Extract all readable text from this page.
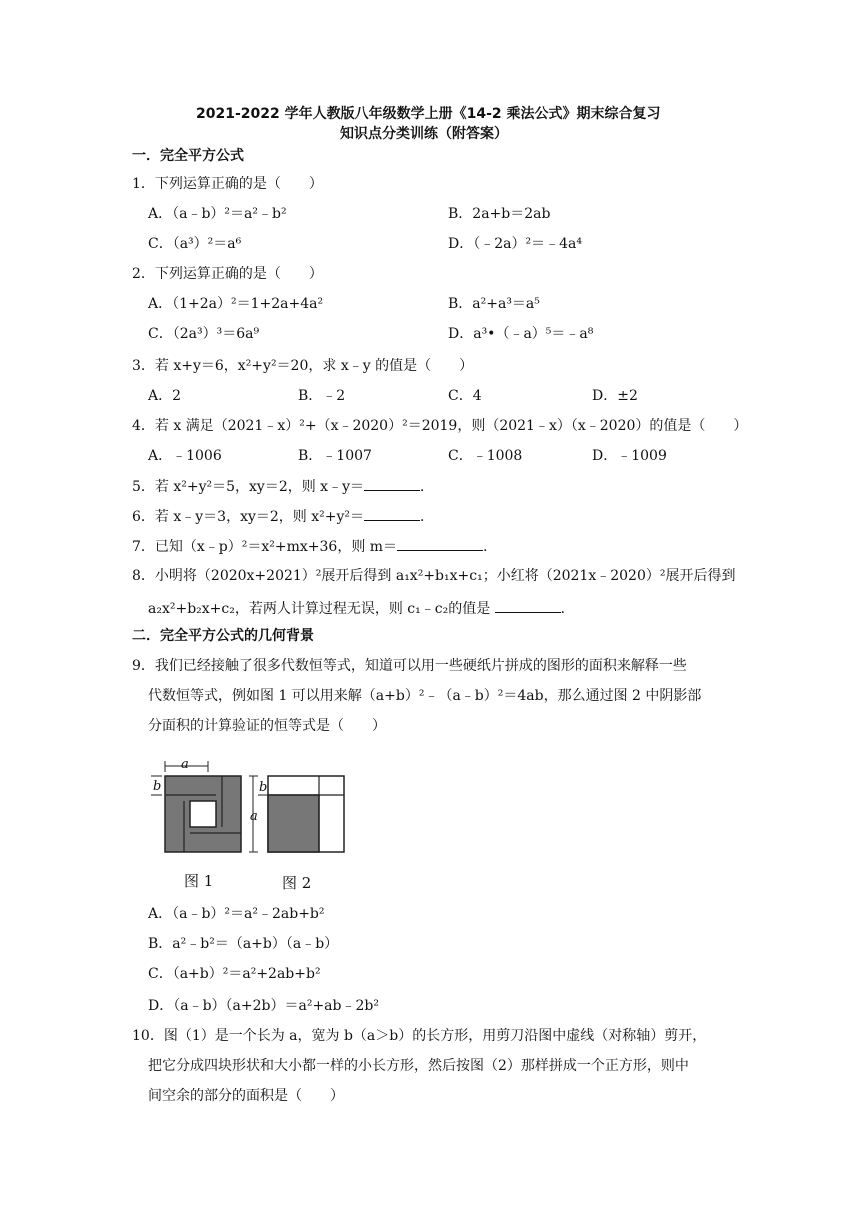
2021-2022 学年人教版八年级数学上册《14-2 乘法公式》期末综合复习
知识点分类训练（附答案）
一．完全平方公式
1．下列运算正确的是（　　）
A．（a﹣b）²＝a²﹣b²	B．2a+b＝2ab
C．（a³）²＝a⁶	D．（﹣2a）²＝﹣4a⁴
2．下列运算正确的是（　　）
A．（1+2a）²＝1+2a+4a²	B．a²+a³＝a⁵
C．（2a³）³＝6a⁹	D．a³•（﹣a）⁵＝﹣a⁸
3．若 x+y＝6，x²+y²＝20，求 x﹣y 的值是（　　）
A．2	B．﹣2	C．4	D．±2
4．若 x 满足（2021﹣x）²+（x﹣2020）²＝2019，则（2021﹣x）（x﹣2020）的值是（　　）
A．﹣1006	B．﹣1007	C．﹣1008	D．﹣1009
5．若 x²+y²＝5，xy＝2，则 x﹣y＝	．
6．若 x﹣y＝3，xy＝2，则 x²+y²＝	．
7．已知（x﹣p）²＝x²+mx+36，则 m＝	．
8．小明将（2020x+2021）²展开后得到 a₁x²+b₁x+c₁；小红将（2021x﹣2020）²展开后得到
a₂x²+b₂x+c₂，若两人计算过程无误，则 c₁﹣c₂的值是	．
二．完全平方公式的几何背景
9．我们已经接触了很多代数恒等式，知道可以用一些硬纸片拼成的图形的面积来解释一些
代数恒等式，例如图 1 可以用来解（a+b）²﹣（a﹣b）²＝4ab，那么通过图 2 中阴影部
分面积的计算验证的恒等式是（　　）
a
b
图 1
a
b
图 2
A．（a﹣b）²＝a²﹣2ab+b²
B．a²﹣b²＝（a+b）（a﹣b）
C．（a+b）²＝a²+2ab+b²
D．（a﹣b）（a+2b）＝a²+ab﹣2b²
10．图（1）是一个长为 a，宽为 b（a＞b）的长方形，用剪刀沿图中虚线（对称轴）剪开，
把它分成四块形状和大小都一样的小长方形，然后按图（2）那样拼成一个正方形，则中
间空余的部分的面积是（　　）
